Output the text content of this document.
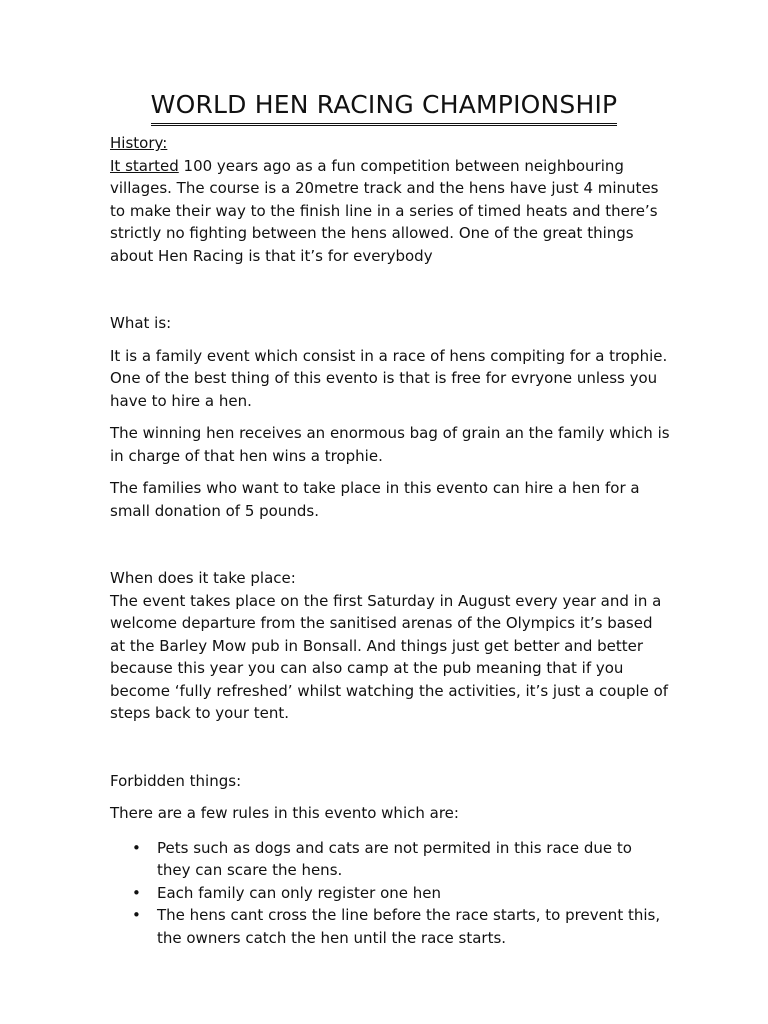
WORLD HEN RACING CHAMPIONSHIP

History:

It started 100 years ago as a fun competition between neighbouring villages. The course is a 20metre track and the hens have just 4 minutes to make their way to the finish line in a series of timed heats and there’s strictly no fighting between the hens allowed. One of the great things about Hen Racing is that it’s for everybody

What is:

It is a family event which consist in a race of hens compiting for a trophie. One of the best thing of this evento is that is free for evryone unless you have to hire a hen.

The winning hen receives an enormous bag of grain an the family which is in charge of that hen wins a trophie.

The families who want to take place in this evento can hire a hen for a small donation of 5 pounds.

When does it take place:

The event takes place on the first Saturday in August every year and in a welcome departure from the sanitised arenas of the Olympics it’s based at the Barley Mow pub in Bonsall. And things just get better and better because this year you can also camp at the pub meaning that if you become ‘fully refreshed’ whilst watching the activities, it’s just a couple of steps back to your tent.

Forbidden things:

There are a few rules in this evento which are:

• Pets such as dogs and cats are not permited in this race due to they can scare the hens.
• Each family can only register one hen
• The hens cant cross the line before the race starts, to prevent this, the owners catch the hen until the race starts.
